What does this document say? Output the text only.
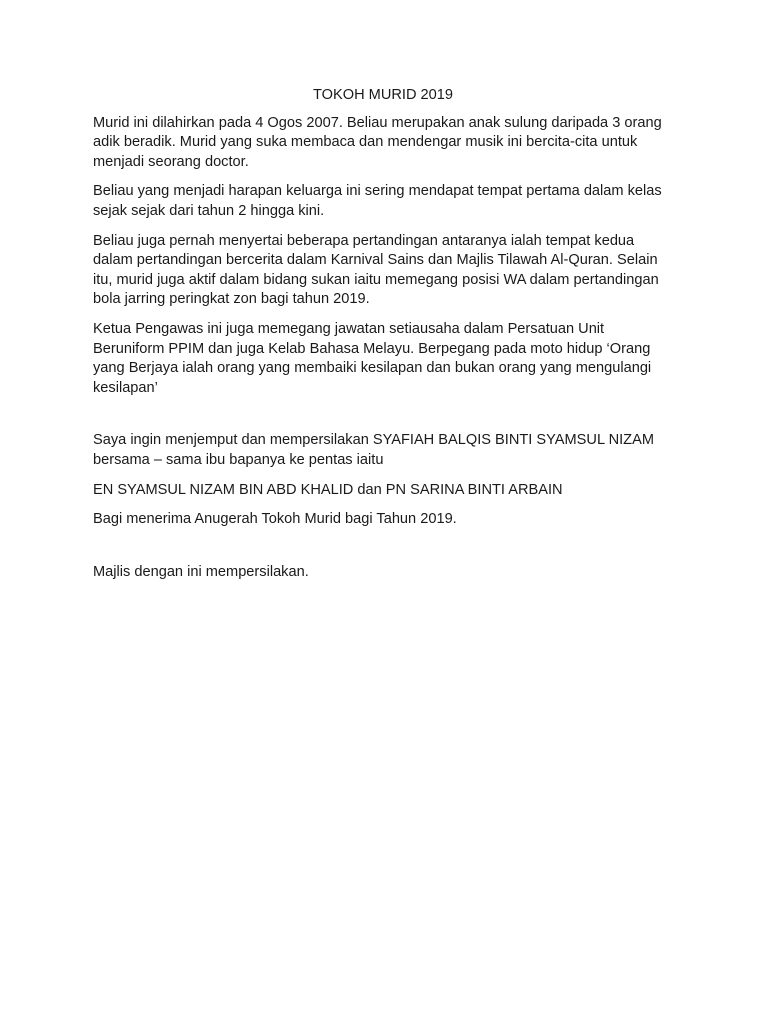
TOKOH MURID 2019

Murid ini dilahirkan pada 4 Ogos 2007. Beliau merupakan anak sulung daripada 3 orang adik beradik. Murid yang suka membaca dan mendengar musik ini bercita-cita untuk menjadi seorang doctor.

Beliau yang menjadi harapan keluarga ini sering mendapat tempat pertama dalam kelas sejak sejak dari tahun 2 hingga kini.

Beliau juga pernah menyertai beberapa pertandingan antaranya ialah tempat kedua dalam pertandingan bercerita dalam Karnival Sains dan Majlis Tilawah Al-Quran. Selain itu, murid juga aktif dalam bidang sukan iaitu memegang posisi WA dalam pertandingan bola jarring peringkat zon bagi tahun 2019.

Ketua Pengawas ini juga memegang jawatan setiausaha dalam Persatuan Unit Beruniform PPIM dan juga Kelab Bahasa Melayu. Berpegang pada moto hidup ‘Orang yang Berjaya ialah orang yang membaiki kesilapan dan bukan orang yang mengulangi kesilapan’

Saya ingin menjemput dan mempersilakan SYAFIAH BALQIS BINTI SYAMSUL NIZAM bersama – sama ibu bapanya ke pentas iaitu

EN SYAMSUL NIZAM BIN ABD KHALID dan PN SARINA BINTI ARBAIN

Bagi menerima Anugerah Tokoh Murid bagi Tahun 2019.

Majlis dengan ini mempersilakan.
